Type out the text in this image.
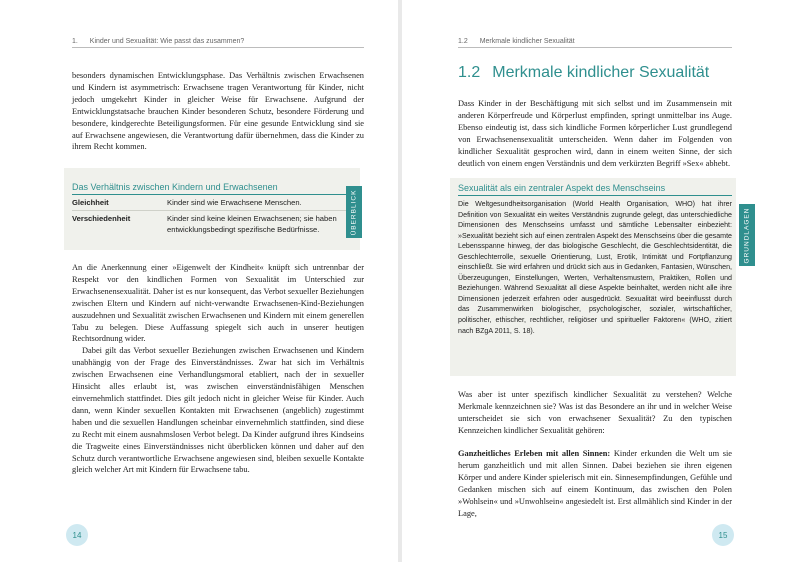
1. Kinder und Sexualität: Wie passt das zusammen?

besonders dynamischen Entwicklungsphase. Das Verhältnis zwischen Erwachsenen und Kindern ist asymmetrisch: Erwachsene tragen Verantwortung für Kinder, nicht jedoch umgekehrt Kinder in gleicher Weise für Erwachsene. Aufgrund der Entwicklungstatsache brauchen Kinder besonderen Schutz, besondere Förderung und besondere, kindgerechte Beteiligungsformen. Für eine gesunde Entwicklung sind sie auf Erwachsene angewiesen, die Verantwortung dafür übernehmen, dass die Kinder zu ihrem Recht kommen.

Das Verhältnis zwischen Kindern und Erwachsenen
Gleichheit	Kinder sind wie Erwachsene Menschen.
Verschiedenheit	Kinder sind keine kleinen Erwachsenen; sie haben entwicklungsbedingt spezifische Bedürfnisse.	ÜBERBLICK

An die Anerkennung einer »Eigenwelt der Kindheit« knüpft sich untrennbar der Respekt vor den kindlichen Formen von Sexualität im Unterschied zur Erwachsenensexualität. Daher ist es nur konsequent, das Verbot sexueller Beziehungen zwischen Eltern und Kindern auf nicht-verwandte Erwachsenen-Kind-Beziehungen auszudehnen und Sexualität zwischen Erwachsenen und Kindern mit einem generellen Tabu zu belegen. Diese Auffassung spiegelt sich auch in unserer heutigen Rechtsordnung wider.

Dabei gilt das Verbot sexueller Beziehungen zwischen Erwachsenen und Kindern unabhängig von der Frage des Einverständnisses. Zwar hat sich im Verhältnis zwischen Erwachsenen eine Verhandlungsmoral etabliert, nach der in sexueller Hinsicht alles erlaubt ist, was zwischen einverständnisfähigen Menschen einvernehmlich stattfindet. Dies gilt jedoch nicht in gleicher Weise für Kinder. Auch dann, wenn Kinder sexuellen Kontakten mit Erwachsenen (angeblich) zugestimmt haben und die sexuellen Handlungen scheinbar einvernehmlich stattfinden, sind diese zu Recht mit einem ausnahmslosen Verbot belegt. Da Kinder aufgrund ihres Kindseins die Tragweite eines Einverständnisses nicht überblicken können und daher auf den Schutz durch verantwortliche Erwachsene angewiesen sind, bleiben sexuelle Kontakte gleich welcher Art mit Kindern für Erwachsene tabu.

14
1.2 Merkmale kindlicher Sexualität
1.2 Merkmale kindlicher Sexualität

Dass Kinder in der Beschäftigung mit sich selbst und im Zusammensein mit anderen Körperfreude und Körperlust empfinden, springt unmittelbar ins Auge. Ebenso eindeutig ist, dass sich kindliche Formen körperlicher Lust grundlegend von Erwachsenensexualität unterscheiden. Wenn daher im Folgenden von kindlicher Sexualität gesprochen wird, dann in einem weiten Sinne, der sich deutlich von einem engen Verständnis und dem verkürzten Begriff »Sex« abhebt.

Sexualität als ein zentraler Aspekt des Menschseins
Die Weltgesundheitsorganisation (World Health Organisation, WHO) hat ihrer Definition von Sexualität ein weites Verständnis zugrunde gelegt, das unterschiedliche Dimensionen des Menschseins umfasst und sämtliche Lebensalter einbezieht: »Sexualität bezieht sich auf einen zentralen Aspekt des Menschseins über die gesamte Lebensspanne hinweg, der das biologische Geschlecht, die Geschlechtsidentität, die Geschlechterrolle, sexuelle Orientierung, Lust, Erotik, Intimität und Fortpflanzung einschließt. Sie wird erfahren und drückt sich aus in Gedanken, Fantasien, Wünschen, Überzeugungen, Einstellungen, Werten, Verhaltensmustern, Praktiken, Rollen und Beziehungen. Während Sexualität all diese Aspekte beinhaltet, werden nicht alle ihre Dimensionen jederzeit erfahren oder ausgedrückt. Sexualität wird beeinflusst durch das Zusammenwirken biologischer, psychologischer, sozialer, wirtschaftlicher, politischer, ethischer, rechtlicher, religiöser und spiritueller Faktoren« (WHO, zitiert nach BZgA 2011, S. 18).
GRUNDLAGEN

Was aber ist unter spezifisch kindlicher Sexualität zu verstehen? Welche Merkmale kennzeichnen sie? Was ist das Besondere an ihr und in welcher Weise unterscheidet sie sich von erwachsener Sexualität? Zu den typischen Kennzeichen kindlicher Sexualität gehören:

Ganzheitliches Erleben mit allen Sinnen: Kinder erkunden die Welt um sie herum ganzheitlich und mit allen Sinnen. Dabei beziehen sie ihren eigenen Körper und andere Kinder spielerisch mit ein. Sinnesempfindungen, Gefühle und Gedanken mischen sich auf einem Kontinuum, das zwischen den Polen »Wohlsein« und »Unwohlsein« angesiedelt ist. Erst allmählich sind Kinder in der Lage,

15
